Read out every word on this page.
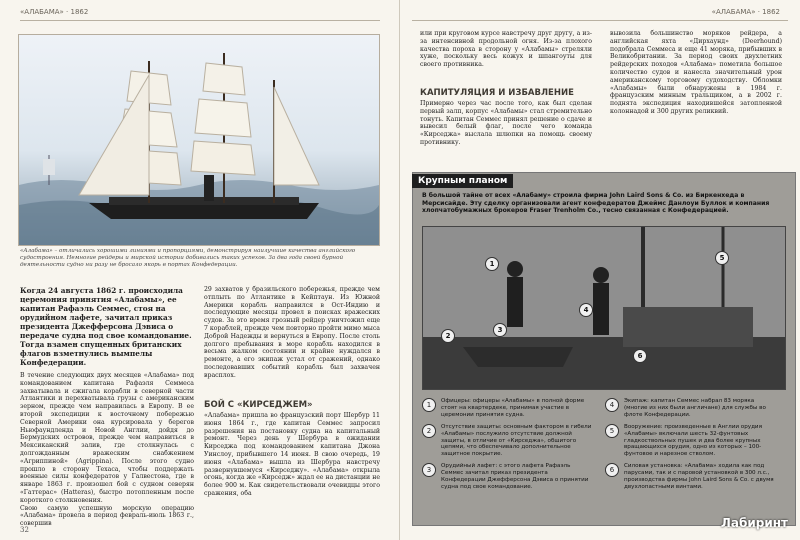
«АЛАБАМА» · 1862
«Алабама» – отличались хорошими линиями и пропорциями, демонстрируя наилучшие качества английского судостроения. Немногие рейдеры и мирской истории добивались таких успехов. За два года своей бурной деятельности судно ни разу не бросало якорь в портах Конфедерации.
Когда 24 августа 1862 г. происходила церемония принятия «Алабамы», ее капитан Рафаэль Семмес, стоя на орудийном лафете, зачитал приказ президента Джефферсона Дэвиса о передаче судна под свое командование. Тогда взамен спущенных британских флагов взметнулись вымпелы Конфедерации.
В течение следующих двух месяцев «Алабама» под командованием капитана Рафаэля Семмеса захватывала и сжигала корабли в северной части Атлантики и перехватывала грузы с американским зерном, прежде чем направилась в Европу. В ее второй экспедиции к восточному побережью Северной Америки она курсировала у берегов Ньюфаундленда и Новой Англии, дойдя до Бермудских островов, прежде чем направиться в Мексиканский залив, где столкнулась с долгожданным вражеским снабжением «Агриппиной» (Agrippina). После этого судно прошло в сторону Техаса, чтобы поддержать военные силы конфедератов у Галвестона, где в январе 1863 г. произошел бой с судном северян «Гаттерас» (Hatteras), быстро потопленным после короткого столкновения.
Свою самую успешную морскую операцию «Алабама» провела в период февраль-июль 1863 г., совершив
29 захватов у бразильского побережья, прежде чем отплыть по Атлантике в Кейптаун. Из Южной Америки корабль направился в Ост-Индию и последующие месяцы провел в поисках вражеских судов. За это время грозный рейдер уничтожил еще 7 кораблей, прежде чем повторно пройти мимо мыса Доброй Надежды и вернуться в Европу. После столь долгого пребывания в море корабль находился в весьма жалком состоянии и крайне нуждался в ремонте, а его экипаж устал от сражений, однако последовавших событий корабль был захвачен врасплох.
БОЙ С «КИРСЕДЖЕМ»
«Алабама» пришла во французский порт Шербур 11 июня 1864 г., где капитан Семмес запросил разрешения на постановку судна на капитальный ремонт. Через день у Шербура в ожидании Кирседжа под командованием капитана Джона Уинслоу, прибывшего 14 июня. В свою очередь, 19 июня «Алабама» вышла из Шербура навстречу развернувшемуся «Кирседжу». «Алабама» открыла огонь, когда же «Кирседж» ждал ее на дистанции не более 900 м. Как свидетельствовали очевидцы этого сражения, оба
32
«АЛАБАМА» · 1862
или при круговом курсе навстречу друг другу, а из-за интенсивной продольной огня. Из-за плохого качества пороха в сторону у «Алабамы» стреляли хуже, поскольку весь кожух и шпангоуты для своего противника.
КАПИТУЛЯЦИЯ И ИЗБАВЛЕНИЕ
Примерно через час после того, как был сделан первый залп, корпус «Алабамы» стал стремительно тонуть. Капитан Семмес принял решение о сдаче и вывесил белый флаг, после чего команда «Кирседжа» выслала шлюпки на помощь своему противнику.
вывозила большинство моряков рейдера, а английская яхта «Дирхаунд» (Deerhound) подобрала Семмеса и еще 41 моряка, прибывших в Великобритании. За период своих двухлетних рейдерских походов «Алабама» пометила большое количество судов и нанесла значительный урон американскому торговому судоходству. Обломки «Алабамы» были обнаружены в 1984 г. французским минным тральщиком, а в 2002 г. поднята экспедиция находившейся затопленной колоннадой и 300 других реликвий.
Крупным планом
В большой тайне от всех «Алабаму» строила фирма John Laird Sons & Co. из Биркенхеда в Мерсисайде. Эту сделку организовали агент конфедератов Джеймс Данлоуи Буллок и компания хлопчатобумажных брокеров Fraser Trenholm Co., тесно связанная с Конфедерацией.
1
2
3
4
5
6
1	Офицеры: офицеры «Алабамы» в полной форме стоят на квартердеке, принимая участие в церемонии принятия судна.
2	Отсутствие защиты: основным фактором в гибели «Алабамы» послужило отсутствие должной защиты, в отличие от «Кирседжа», обшитого цепями, что обеспечивало дополнительное защитное покрытие.
3	Орудийный лафет: с этого лафета Рафаэль Семмес зачитал приказ президента Конфедерации Джефферсона Дэвиса о принятии судна под свое командование.
4	Экипаж: капитан Семмес набрал 83 моряка (многие из них были англичане) для службы во флоте Конфедерации.
5	Вооружение: произведенные в Англии орудия «Алабамы» включали шесть 32-фунтовых гладкоствольных пушек и два более крупных вращающихся орудия, одно из которых – 100-фунтовое и нарезное стволом.
6	Силовая установка: «Алабама» ходила как под парусами, так и с паровой установкой в 300 л.с., производства фирмы John Laird Sons & Co. с двумя двухлопастными винтами.
Лабиринт
